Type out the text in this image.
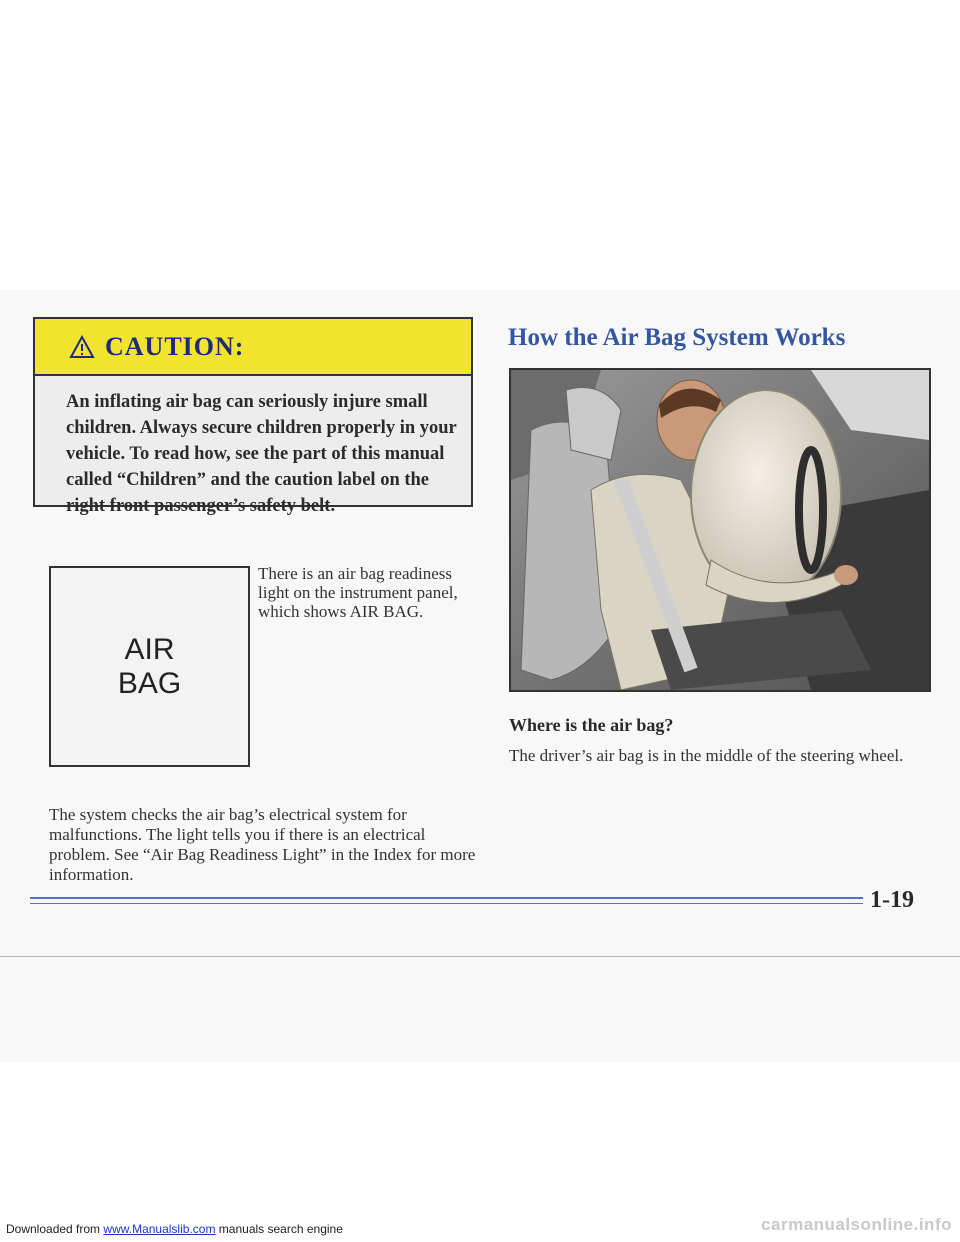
CAUTION:
An inflating air bag can seriously injure small children. Always secure children properly in your vehicle. To read how, see the part of this manual called “Children” and the caution label on the right front passenger’s safety belt.
AIR
BAG
There is an air bag readiness light on the instrument panel, which shows AIR BAG.
The system checks the air bag’s electrical system for malfunctions. The light tells you if there is an electrical problem. See “Air Bag Readiness Light” in the Index for more information.
How the Air Bag System Works
Where is the air bag?
The driver’s air bag is in the middle of the steering wheel.
1-19
Downloaded from www.Manualslib.com manuals search engine	carmanualsonline.info
